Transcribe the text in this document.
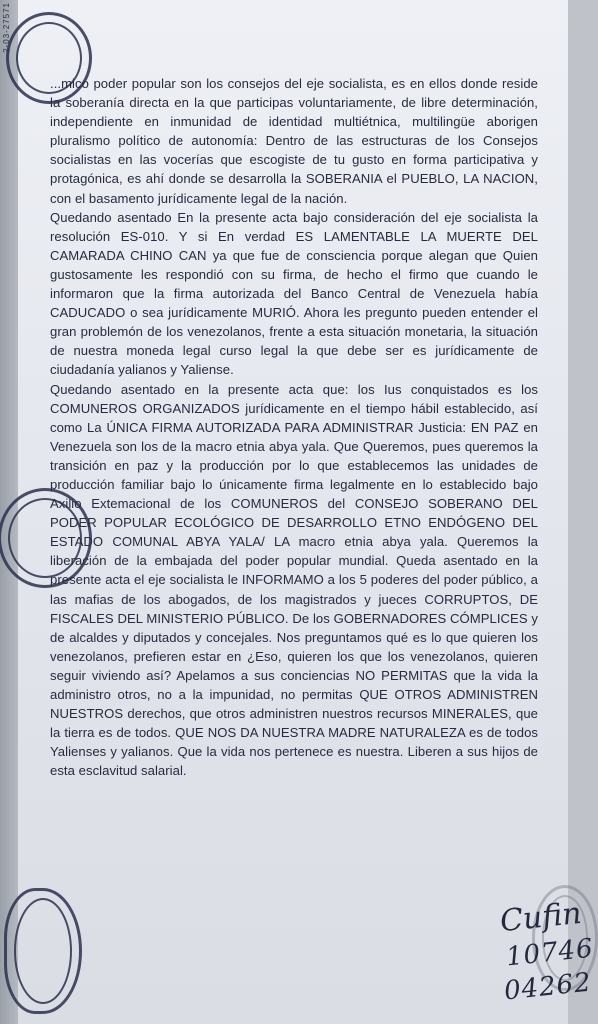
...mico poder popular son los consejos del eje socialista, es en ellos donde reside la soberanía directa en la que participas voluntariamente, de libre determinación, independiente en inmunidad de identidad multiétnica, multilingüe aborigen pluralismo político de autonomía: Dentro de las estructuras de los Consejos socialistas en las vocerías que escogiste de tu gusto en forma participativa y protagónica, es ahí donde se desarrolla la SOBERANIA el PUEBLO, LA NACION, con el basamento jurídicamente legal de la nación.

Quedando asentado En la presente acta bajo consideración del eje socialista la resolución ES-010. Y si En verdad ES LAMENTABLE LA MUERTE DEL CAMARADA CHINO CAN ya que fue de consciencia porque alegan que Quien gustosamente les respondió con su firma, de hecho el firmo que cuando le informaron que la firma autorizada del Banco Central de Venezuela había CADUCADO o sea jurídicamente MURIÓ. Ahora les pregunto pueden entender el gran problemón de los venezolanos, frente a esta situación monetaria, la situación de nuestra moneda legal curso legal la que debe ser es jurídicamente de ciudadanía yalianos y Yaliense.

Quedando asentado en la presente acta que: los Ius conquistados es los COMUNEROS ORGANIZADOS jurídicamente en el tiempo hábil establecido, así como La ÚNICA FIRMA AUTORIZADA PARA ADMINISTRAR Justicia: EN PAZ en Venezuela son los de la macro etnia abya yala. Que Queremos, pues queremos la transición en paz y la producción por lo que establecemos las unidades de producción familiar bajo lo únicamente firma legalmente en lo establecido bajo Axilio Extemacional de los COMUNEROS del CONSEJO SOBERANO DEL PODER POPULAR ECOLÓGICO DE DESARROLLO ETNO ENDÓGENO DEL ESTADO COMUNAL ABYA YALA/ LA macro etnia abya yala. Queremos la liberación de la embajada del poder popular mundial. Queda asentado en la presente acta el eje socialista le INFORMAMO a los 5 poderes del poder público, a las mafias de los abogados, de los magistrados y jueces CORRUPTOS, DE FISCALES DEL MINISTERIO PÚBLICO. De los GOBERNADORES CÓMPLICES y de alcaldes y diputados y concejales. Nos preguntamos qué es lo que quieren los venezolanos, prefieren estar en ¿Eso, quieren los que los venezolanos, quieren seguir viviendo así? Apelamos a sus conciencias NO PERMITAS que la vida la administro otros, no a la impunidad, no permitas QUE OTROS ADMINISTREN NUESTROS derechos, que otros administren nuestros recursos MINERALES, que la tierra es de todos. QUE NOS DA NUESTRA MADRE NATURALEZA es de todos Yalienses y yalianos. Que la vida nos pertenece es nuestra. Liberen a sus hijos de esta esclavitud salarial.

Cufin
10746
04262
2-03-27571
